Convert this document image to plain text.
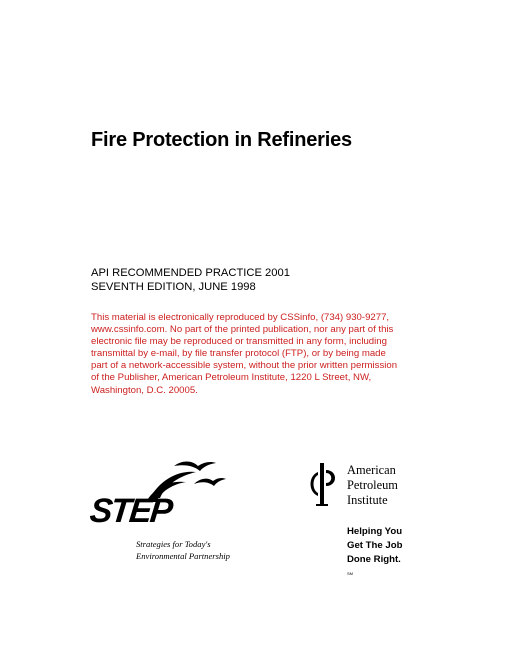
Fire Protection in Refineries
API RECOMMENDED PRACTICE 2001
SEVENTH EDITION, JUNE 1998
This material is electronically reproduced by CSSinfo, (734) 930-9277,
www.cssinfo.com. No part of the printed publication, nor any part of this
electronic file may be reproduced or transmitted in any form, including
transmittal by e-mail, by file transfer protocol (FTP), or by being made
part of a network-accessible system, without the prior written permission
of the Publisher, American Petroleum Institute, 1220 L Street, NW,
Washington, D.C. 20005.
STEP
Strategies for Today's
Environmental Partnership
American
Petroleum
Institute
Helping You
Get The Job
Done Right.
SM
